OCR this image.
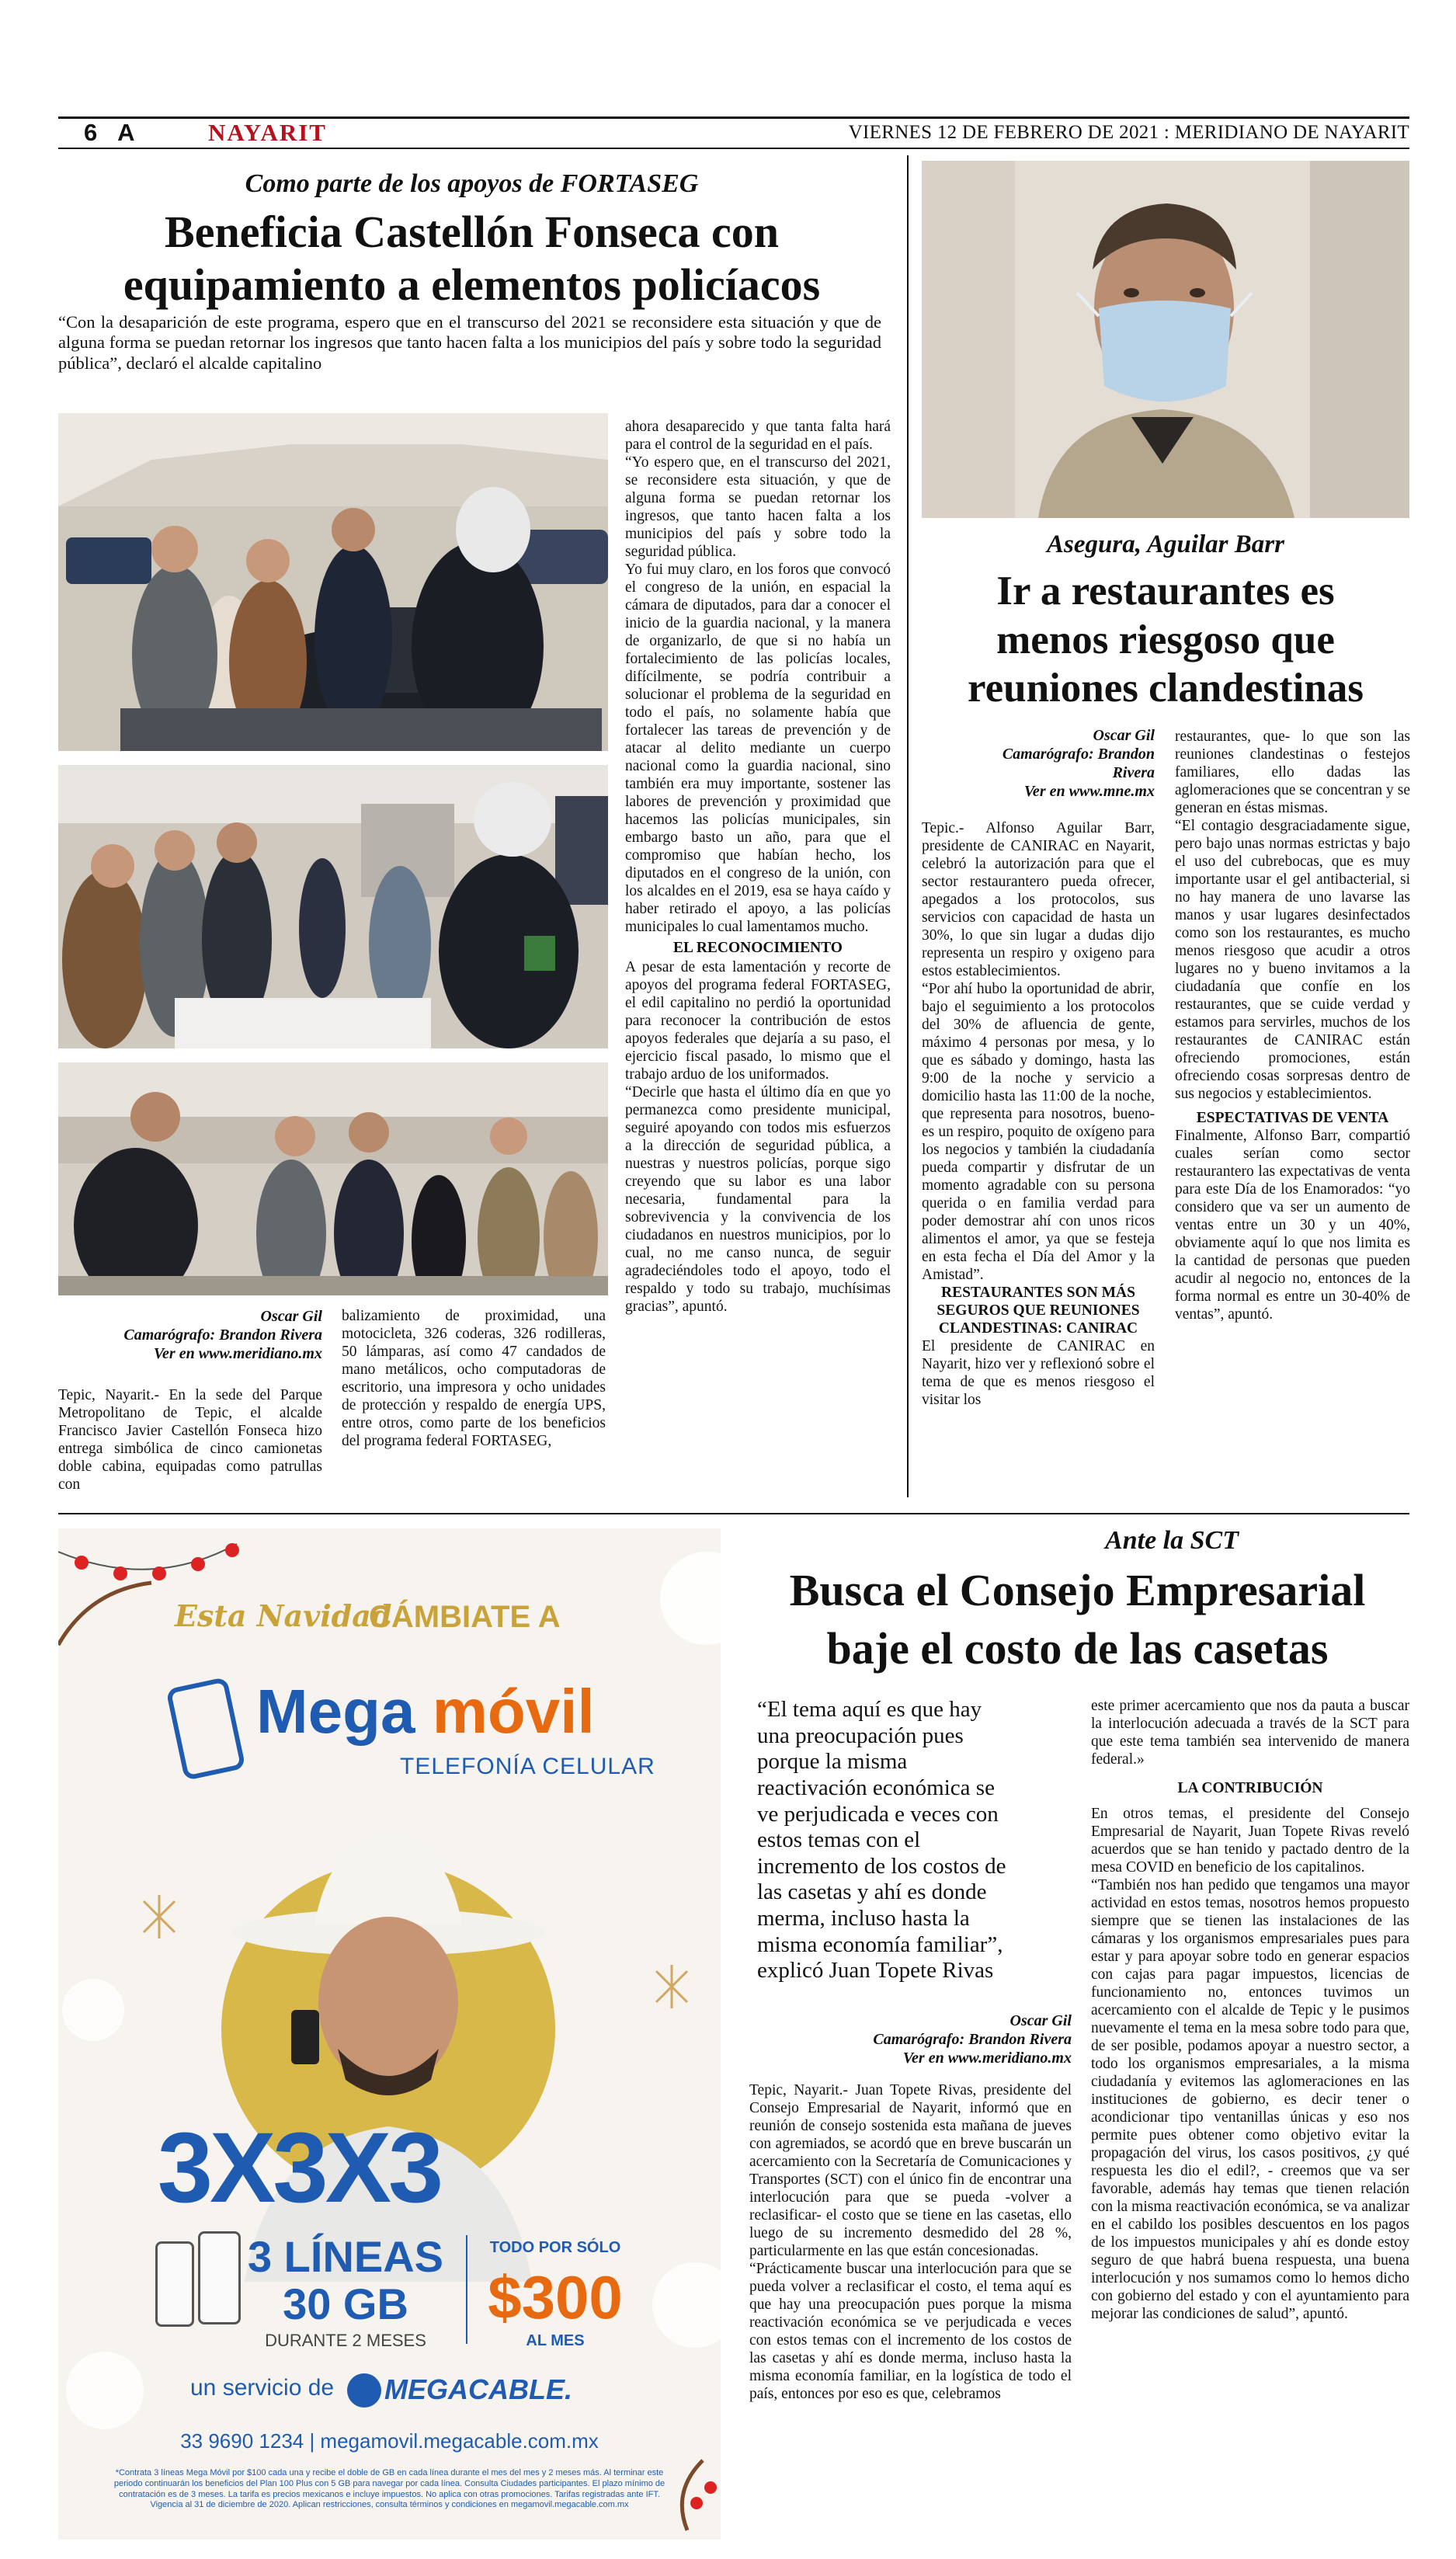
6 A	NAYARIT	VIERNES 12 DE FEBRERO DE 2021 : MERIDIANO DE NAYARIT
Como parte de los apoyos de FORTASEG
Beneficia Castellón Fonseca con
equipamiento a elementos policíacos
“Con la desaparición de este programa, espero que en el transcurso del 2021 se reconsidere esta situación y que de alguna forma se puedan retornar los ingresos que tanto hacen falta a los municipios del país y sobre todo la seguridad pública”, declaró el alcalde capitalino
Oscar Gil
Camarógrafo: Brandon Rivera
Ver en www.meridiano.mx
Tepic, Nayarit.- En la sede del Parque Metropolitano de Tepic, el alcalde Francisco Javier Castellón Fonseca hizo entrega simbólica de cinco camionetas doble cabina, equipadas como patrullas con
balizamiento de proximidad, una motocicleta, 326 coderas, 326 rodilleras, 50 lámparas, así como 47 candados de mano metálicos, ocho computadoras de escritorio, una impresora y ocho unidades de protección y respaldo de energía UPS, entre otros, como parte de los beneficios del programa federal FORTASEG,

ahora desaparecido y que tanta falta hará para el control de la seguridad en el país.

“Yo espero que, en el transcurso del 2021, se reconsidere esta situación, y que de alguna forma se puedan retornar los ingresos, que tanto hacen falta a los municipios del país y sobre todo la seguridad pública.

Yo fui muy claro, en los foros que convocó el congreso de la unión, en espacial la cámara de diputados, para dar a conocer el inicio de la guardia nacional, y la manera de organizarlo, de que si no había un fortalecimiento de las policías locales, difícilmente, se podría contribuir a solucionar el problema de la seguridad en todo el país, no solamente había que fortalecer las tareas de prevención y de atacar al delito mediante un cuerpo nacional como la guardia nacional, sino también era muy importante, sostener las labores de prevención y proximidad que hacemos las policías municipales, sin embargo basto un año, para que el compromiso que habían hecho, los diputados en el congreso de la unión, con los alcaldes en el 2019, esa se haya caído y haber retirado el apoyo, a las policías municipales lo cual lamentamos mucho.

EL RECONOCIMIENTO

A pesar de esta lamentación y recorte de apoyos del programa federal FORTASEG, el edil capitalino no perdió la oportunidad para reconocer la contribución de estos apoyos federales que dejaría a su paso, el ejercicio fiscal pasado, lo mismo que el trabajo arduo de los uniformados.

“Decirle que hasta el último día en que yo permanezca como presidente municipal, seguiré apoyando con todos mis esfuerzos a la dirección de seguridad pública, a nuestras y nuestros policías, porque sigo creyendo que su labor es una labor necesaria, fundamental para la sobrevivencia y la convivencia de los ciudadanos en nuestros municipios, por lo cual, no me canso nunca, de seguir agradeciéndoles todo el apoyo, todo el respaldo y todo su trabajo, muchísimas gracias”, apuntó.

Asegura, Aguilar Barr
Ir a restaurantes es
menos riesgoso que
reuniones clandestinas
Oscar Gil
Camarógrafo: Brandon
Rivera
Ver en www.mne.mx

Tepic.- Alfonso Aguilar Barr, presidente de CANIRAC en Nayarit, celebró la autorización para que el sector restaurantero pueda ofrecer, apegados a los protocolos, sus servicios con capacidad de hasta un 30%, lo que sin lugar a dudas dijo representa un respiro y oxigeno para estos establecimientos.

“Por ahí hubo la oportunidad de abrir, bajo el seguimiento a los protocolos del 30% de afluencia de gente, máximo 4 personas por mesa, y lo que es sábado y domingo, hasta las 9:00 de la noche y servicio a domicilio hasta las 11:00 de la noche, que representa para nosotros, bueno-es un respiro, poquito de oxígeno para los negocios y también la ciudadanía pueda compartir y disfrutar de un momento agradable con su persona querida o en familia verdad para poder demostrar ahí con unos ricos alimentos el amor, ya que se festeja en esta fecha el Día del Amor y la Amistad”.

RESTAURANTES SON MÁS SEGUROS QUE REUNIONES CLANDESTINAS: CANIRAC

El presidente de CANIRAC en Nayarit, hizo ver y reflexionó sobre el tema de que es menos riesgoso el visitar los

restaurantes, que- lo que son las reuniones clandestinas o festejos familiares, ello dadas las aglomeraciones que se concentran y se generan en éstas mismas.

“El contagio desgraciadamente sigue, pero bajo unas normas estrictas y bajo el uso del cubrebocas, que es muy importante usar el gel antibacterial, si no hay manera de uno lavarse las manos y usar lugares desinfectados como son los restaurantes, es mucho menos riesgoso que acudir a otros lugares no y bueno invitamos a la ciudadanía que confíe en los restaurantes, que se cuide verdad y estamos para servirles, muchos de los restaurantes de CANIRAC están ofreciendo promociones, están ofreciendo cosas sorpresas dentro de sus negocios y establecimientos.

ESPECTATIVAS DE VENTA

Finalmente, Alfonso Barr, compartió cuales serían como sector restaurantero las expectativas de venta para este Día de los Enamorados: “yo considero que va ser un aumento de ventas entre un 30 y un 40%, obviamente aquí lo que nos limita es la cantidad de personas que pueden acudir al negocio no, entonces de la forma normal es entre un 30-40% de ventas”, apuntó.

Esta Navidad
CÁMBIATE A
Mega móvil
TELEFONÍA CELULAR
3X3X3
3 LÍNEAS
30 GB
DURANTE 2 MESES
TODO POR SÓLO
$300
AL MES
un servicio de MEGACABLE.
33 9690 1234 | megamovil.megacable.com.mx
*Contrata 3 líneas Mega Móvil por $100 cada una y recibe el doble de GB en cada línea durante el mes del mes y 2 meses más. Al terminar este periodo continuarán los beneficios del Plan 100 Plus con 5 GB para navegar por cada línea. Consulta Ciudades participantes. El plazo mínimo de contratación es de 3 meses. La tarifa es precios mexicanos e incluye impuestos. No aplica con otras promociones. Tarifas registradas ante IFT. Vigencia al 31 de diciembre de 2020. Aplican restricciones, consulta términos y condiciones en megamovil.megacable.com.mx
Ante la SCT
Busca el Consejo Empresarial
baje el costo de las casetas
“El tema aquí es que hay una preocupación pues porque la misma reactivación económica se ve perjudicada e veces con estos temas con el incremento de los costos de las casetas y ahí es donde merma, incluso hasta la misma economía familiar”, explicó Juan Topete Rivas
Oscar Gil
Camarógrafo: Brandon Rivera
Ver en www.meridiano.mx

Tepic, Nayarit.- Juan Topete Rivas, presidente del Consejo Empresarial de Nayarit, informó que en reunión de consejo sostenida esta mañana de jueves con agremiados, se acordó que en breve buscarán un acercamiento con la Secretaría de Comunicaciones y Transportes (SCT) con el único fin de encontrar una interlocución para que se pueda -volver a reclasificar- el costo que se tiene en las casetas, ello luego de su incremento desmedido del 28 %, particularmente en las que están concesionadas.

“Prácticamente buscar una interlocución para que se pueda volver a reclasificar el costo, el tema aquí es que hay una preocupación pues porque la misma reactivación económica se ve perjudicada e veces con estos temas con el incremento de los costos de las casetas y ahí es donde merma, incluso hasta la misma economía familiar, en la logística de todo el país, entonces por eso es que, celebramos

este primer acercamiento que nos da pauta a buscar la interlocución adecuada a través de la SCT para que este tema también sea intervenido de manera federal.»

LA CONTRIBUCIÓN

En otros temas, el presidente del Consejo Empresarial de Nayarit, Juan Topete Rivas reveló acuerdos que se han tenido y pactado dentro de la mesa COVID en beneficio de los capitalinos.

“También nos han pedido que tengamos una mayor actividad en estos temas, nosotros hemos propuesto siempre que se tienen las instalaciones de las cámaras y los organismos empresariales pues para estar y para apoyar sobre todo en generar espacios con cajas para pagar impuestos, licencias de funcionamiento no, entonces tuvimos un acercamiento con el alcalde de Tepic y le pusimos nuevamente el tema en la mesa sobre todo para que, de ser posible, podamos apoyar a nuestro sector, a todo los organismos empresariales, a la misma ciudadanía y evitemos las aglomeraciones en las instituciones de gobierno, es decir tener o acondicionar tipo ventanillas únicas y eso nos permite pues obtener como objetivo evitar la propagación del virus, los casos positivos, ¿y qué respuesta les dio el edil?, - creemos que va ser favorable, además hay temas que tienen relación con la misma reactivación económica, se va analizar en el cabildo los posibles descuentos en los pagos de los impuestos municipales y ahí es donde estoy seguro de que habrá buena respuesta, una buena interlocución y nos sumamos como lo hemos dicho con gobierno del estado y con el ayuntamiento para mejorar las condiciones de salud”, apuntó.
